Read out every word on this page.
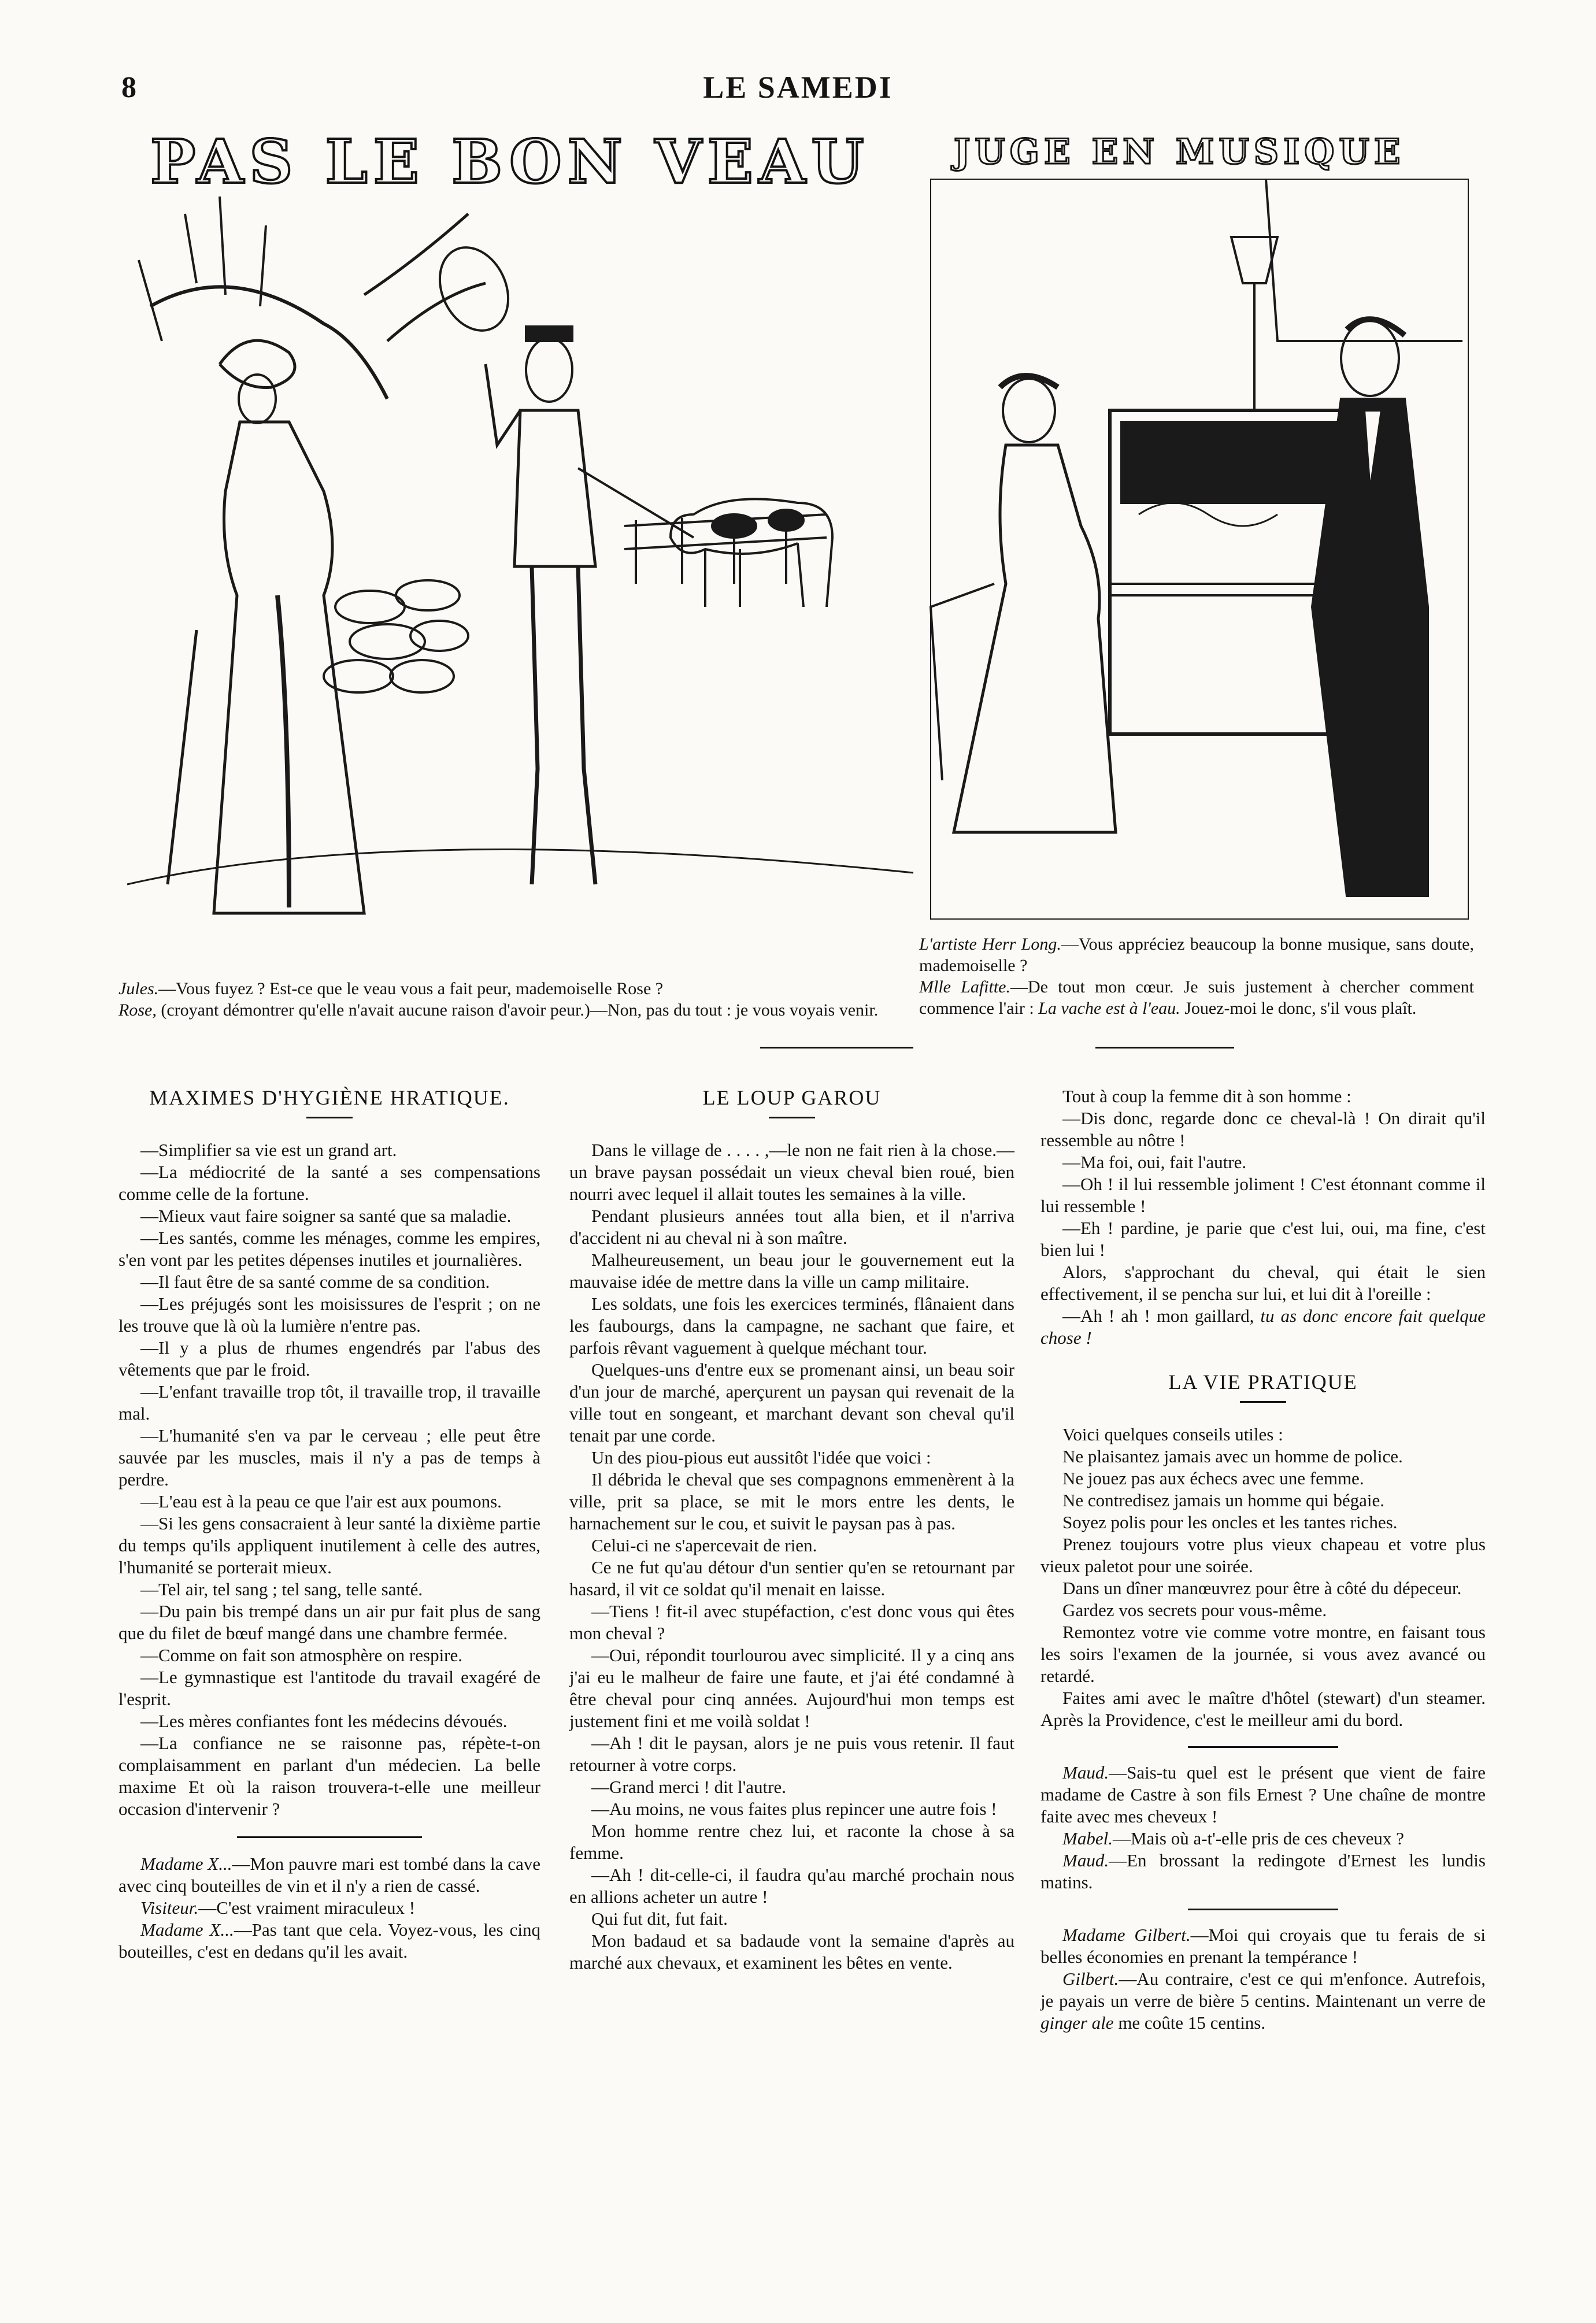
8	LE SAMEDI
PAS LE BON VEAU JUGE EN MUSIQUE
Jules.—Vous fuyez ? Est-ce que le veau vous a fait peur, mademoiselle Rose ?
Rose, (croyant démontrer qu'elle n'avait aucune raison d'avoir peur.)—Non, pas du tout : je vous voyais venir.
L'artiste Herr Long.—Vous appréciez beaucoup la bonne musique, sans doute, mademoiselle ?
Mlle Lafitte.—De tout mon cœur. Je suis justement à chercher comment commence l'air : La vache est à l'eau. Jouez-moi le donc, s'il vous plaît.
MAXIMES D'HYGIÈNE HRATIQUE.

—Simplifier sa vie est un grand art.

—La médiocrité de la santé a ses compensations comme celle de la fortune.

—Mieux vaut faire soigner sa santé que sa maladie.

—Les santés, comme les ménages, comme les empires, s'en vont par les petites dépenses inutiles et journalières.

—Il faut être de sa santé comme de sa condition.

—Les préjugés sont les moisissures de l'esprit ; on ne les trouve que là où la lumière n'entre pas.

—Il y a plus de rhumes engendrés par l'abus des vêtements que par le froid.

—L'enfant travaille trop tôt, il travaille trop, il travaille mal.

—L'humanité s'en va par le cerveau ; elle peut être sauvée par les muscles, mais il n'y a pas de temps à perdre.

—L'eau est à la peau ce que l'air est aux poumons.

—Si les gens consacraient à leur santé la dixième partie du temps qu'ils appliquent inutilement à celle des autres, l'humanité se porterait mieux.

—Tel air, tel sang ; tel sang, telle santé.

—Du pain bis trempé dans un air pur fait plus de sang que du filet de bœuf mangé dans une chambre fermée.

—Comme on fait son atmosphère on respire.

—Le gymnastique est l'antitode du travail exagéré de l'esprit.

—Les mères confiantes font les médecins dévoués.

—La confiance ne se raisonne pas, répète-t-on complaisamment en parlant d'un médecien. La belle maxime Et où la raison trouvera-t-elle une meilleur occasion d'intervenir ?

Madame X...—Mon pauvre mari est tombé dans la cave avec cinq bouteilles de vin et il n'y a rien de cassé.

Visiteur.—C'est vraiment miraculeux !

Madame X...—Pas tant que cela. Voyez-vous, les cinq bouteilles, c'est en dedans qu'il les avait.

LE LOUP GAROU

Dans le village de . . . . ,—le non ne fait rien à la chose.—un brave paysan possédait un vieux cheval bien roué, bien nourri avec lequel il allait toutes les semaines à la ville.

Pendant plusieurs années tout alla bien, et il n'arriva d'accident ni au cheval ni à son maître.

Malheureusement, un beau jour le gouvernement eut la mauvaise idée de mettre dans la ville un camp militaire.

Les soldats, une fois les exercices terminés, flânaient dans les faubourgs, dans la campagne, ne sachant que faire, et parfois rêvant vaguement à quelque méchant tour.

Quelques-uns d'entre eux se promenant ainsi, un beau soir d'un jour de marché, aperçurent un paysan qui revenait de la ville tout en songeant, et marchant devant son cheval qu'il tenait par une corde.

Un des piou-pious eut aussitôt l'idée que voici :

Il débrida le cheval que ses compagnons emmenèrent à la ville, prit sa place, se mit le mors entre les dents, le harnachement sur le cou, et suivit le paysan pas à pas.

Celui-ci ne s'apercevait de rien.

Ce ne fut qu'au détour d'un sentier qu'en se retournant par hasard, il vit ce soldat qu'il menait en laisse.

—Tiens ! fit-il avec stupéfaction, c'est donc vous qui êtes mon cheval ?

—Oui, répondit tourlourou avec simplicité. Il y a cinq ans j'ai eu le malheur de faire une faute, et j'ai été condamné à être cheval pour cinq années. Aujourd'hui mon temps est justement fini et me voilà soldat !

—Ah ! dit le paysan, alors je ne puis vous retenir. Il faut retourner à votre corps.

—Grand merci ! dit l'autre.

—Au moins, ne vous faites plus repincer une autre fois !

Mon homme rentre chez lui, et raconte la chose à sa femme.

—Ah ! dit-celle-ci, il faudra qu'au marché prochain nous en allions acheter un autre !

Qui fut dit, fut fait.

Mon badaud et sa badaude vont la semaine d'après au marché aux chevaux, et examinent les bêtes en vente.

Tout à coup la femme dit à son homme :

—Dis donc, regarde donc ce cheval-là ! On dirait qu'il ressemble au nôtre !

—Ma foi, oui, fait l'autre.

—Oh ! il lui ressemble joliment ! C'est étonnant comme il lui ressemble !

—Eh ! pardine, je parie que c'est lui, oui, ma fine, c'est bien lui !

Alors, s'approchant du cheval, qui était le sien effectivement, il se pencha sur lui, et lui dit à l'oreille :

—Ah ! ah ! mon gaillard, tu as donc encore fait quelque chose !

LA VIE PRATIQUE

Voici quelques conseils utiles :

Ne plaisantez jamais avec un homme de police.

Ne jouez pas aux échecs avec une femme.

Ne contredisez jamais un homme qui bégaie.

Soyez polis pour les oncles et les tantes riches.

Prenez toujours votre plus vieux chapeau et votre plus vieux paletot pour une soirée.

Dans un dîner manœuvrez pour être à côté du dépeceur.

Gardez vos secrets pour vous-même.

Remontez votre vie comme votre montre, en faisant tous les soirs l'examen de la journée, si vous avez avancé ou retardé.

Faites ami avec le maître d'hôtel (stewart) d'un steamer. Après la Providence, c'est le meilleur ami du bord.

Maud.—Sais-tu quel est le présent que vient de faire madame de Castre à son fils Ernest ? Une chaîne de montre faite avec mes cheveux !

Mabel.—Mais où a-t'-elle pris de ces cheveux ?

Maud.—En brossant la redingote d'Ernest les lundis matins.

Madame Gilbert.—Moi qui croyais que tu ferais de si belles économies en prenant la tempérance !

Gilbert.—Au contraire, c'est ce qui m'enfonce. Autrefois, je payais un verre de bière 5 centins. Maintenant un verre de ginger ale me coûte 15 centins.
